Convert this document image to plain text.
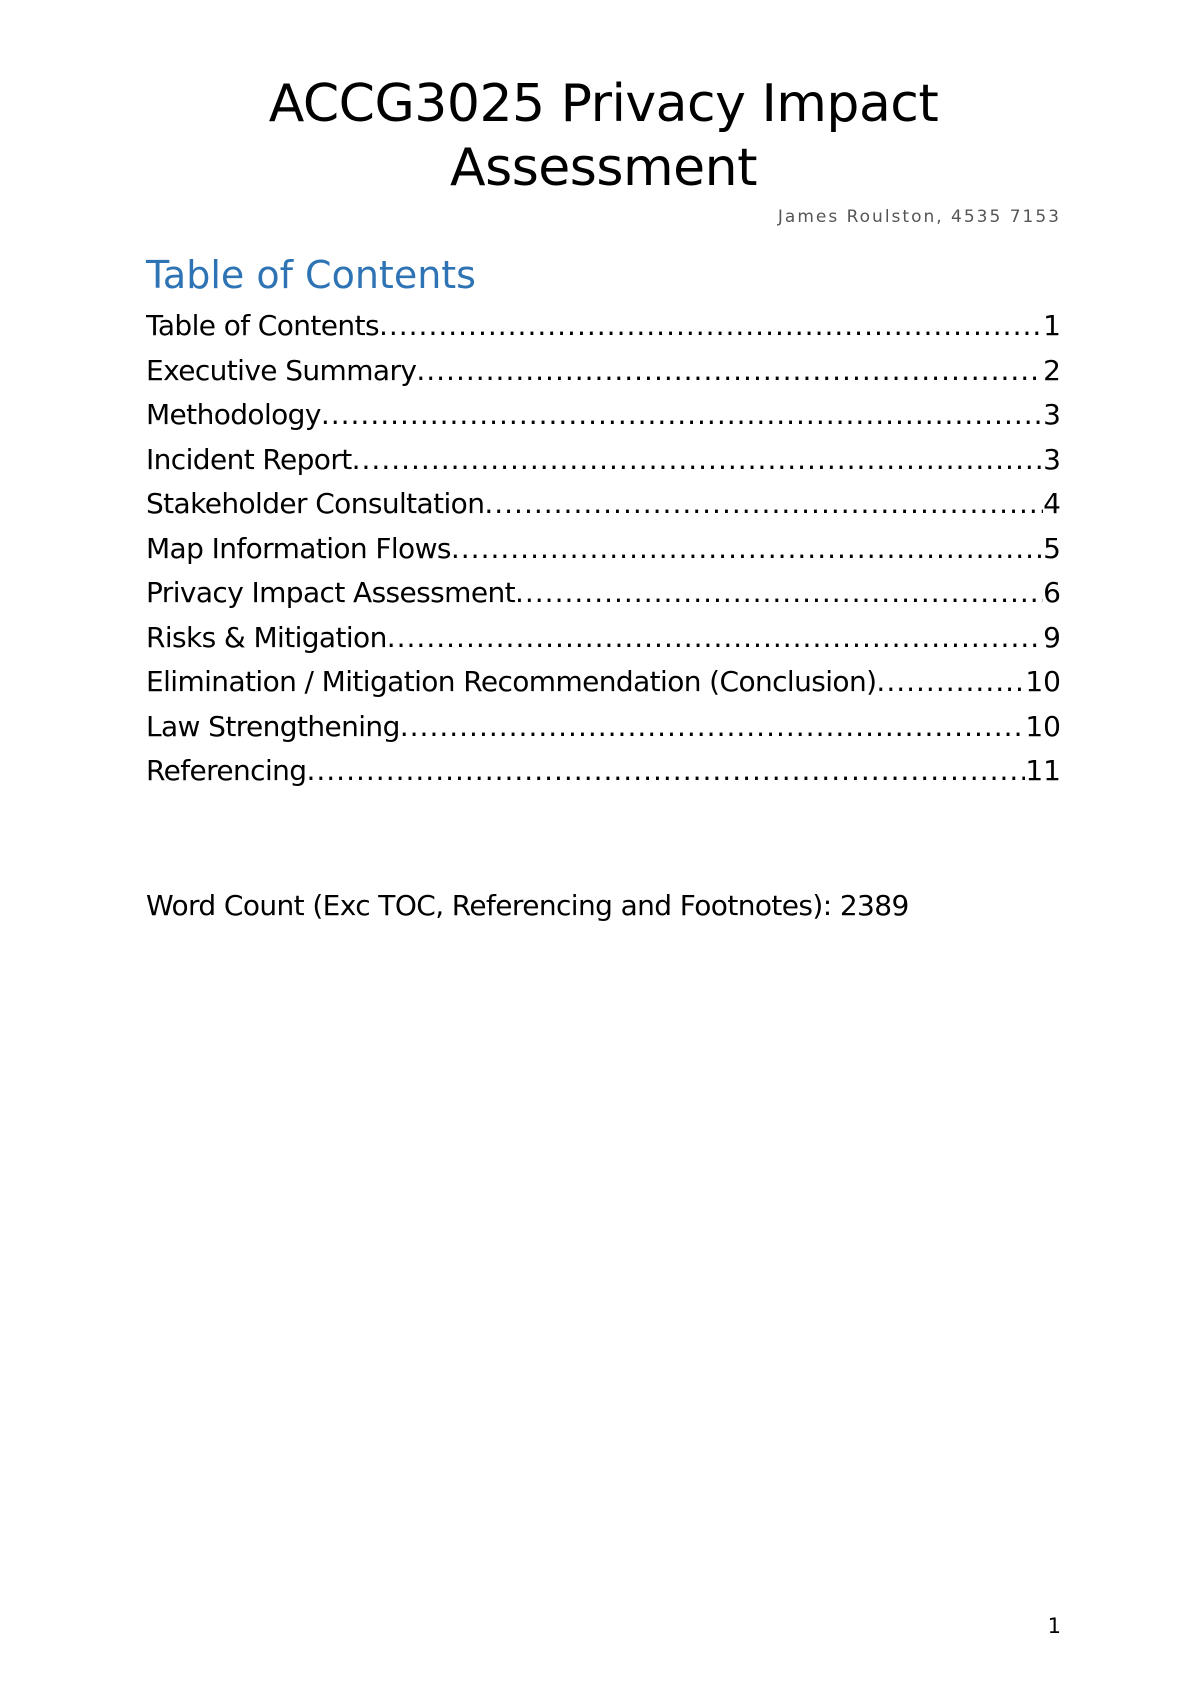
ACCG3025 Privacy Impact Assessment
James Roulston, 4535 7153
Table of Contents
Table of Contents .....	1
Executive Summary .....	2
Methodology .....	3
Incident Report .....	3
Stakeholder Consultation .....	4
Map Information Flows .....	5
Privacy Impact Assessment .....	6
Risks & Mitigation .....	9
Elimination / Mitigation Recommendation (Conclusion) .....	10
Law Strengthening .....	10
Referencing .....	11
Word Count (Exc TOC, Referencing and Footnotes): 2389
1
